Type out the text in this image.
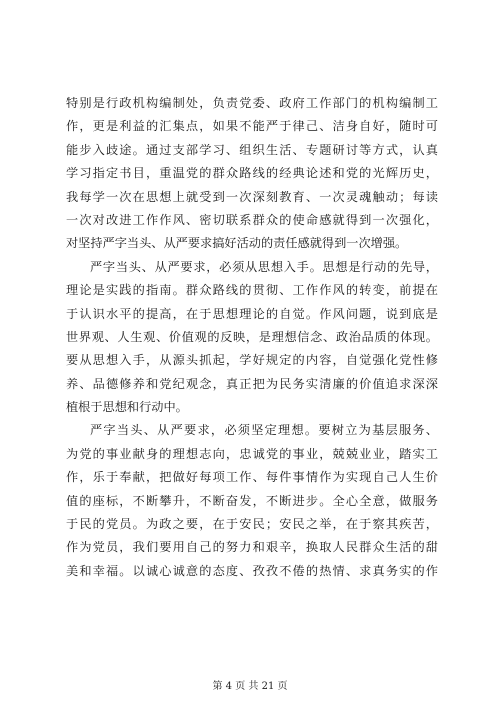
特别是行政机构编制处，负责党委、政府工作部门的机构编制工
作，更是利益的汇集点，如果不能严于律己、洁身自好，随时可
能步入歧途。通过支部学习、组织生活、专题研讨等方式，认真
学习指定书目，重温党的群众路线的经典论述和党的光辉历史，
我每学一次在思想上就受到一次深刻教育、一次灵魂触动；每读
一次对改进工作作风、密切联系群众的使命感就得到一次强化，
对坚持严字当头、从严要求搞好活动的责任感就得到一次增强。
严字当头、从严要求，必须从思想入手。思想是行动的先导，
理论是实践的指南。群众路线的贯彻、工作作风的转变，前提在
于认识水平的提高，在于思想理论的自觉。作风问题，说到底是
世界观、人生观、价值观的反映，是理想信念、政治品质的体现。
要从思想入手，从源头抓起，学好规定的内容，自觉强化党性修
养、品德修养和党纪观念，真正把为民务实清廉的价值追求深深
植根于思想和行动中。
严字当头、从严要求，必须坚定理想。要树立为基层服务、
为党的事业献身的理想志向，忠诚党的事业，兢兢业业，踏实工
作，乐于奉献，把做好每项工作、每件事情作为实现自己人生价
值的座标，不断攀升，不断奋发，不断进步。全心全意，做服务
于民的党员。为政之要，在于安民；安民之举，在于察其疾苦，
作为党员，我们要用自己的努力和艰辛，换取人民群众生活的甜
美和幸福。以诚心诚意的态度、孜孜不倦的热情、求真务实的作
第 4 页 共 21 页
